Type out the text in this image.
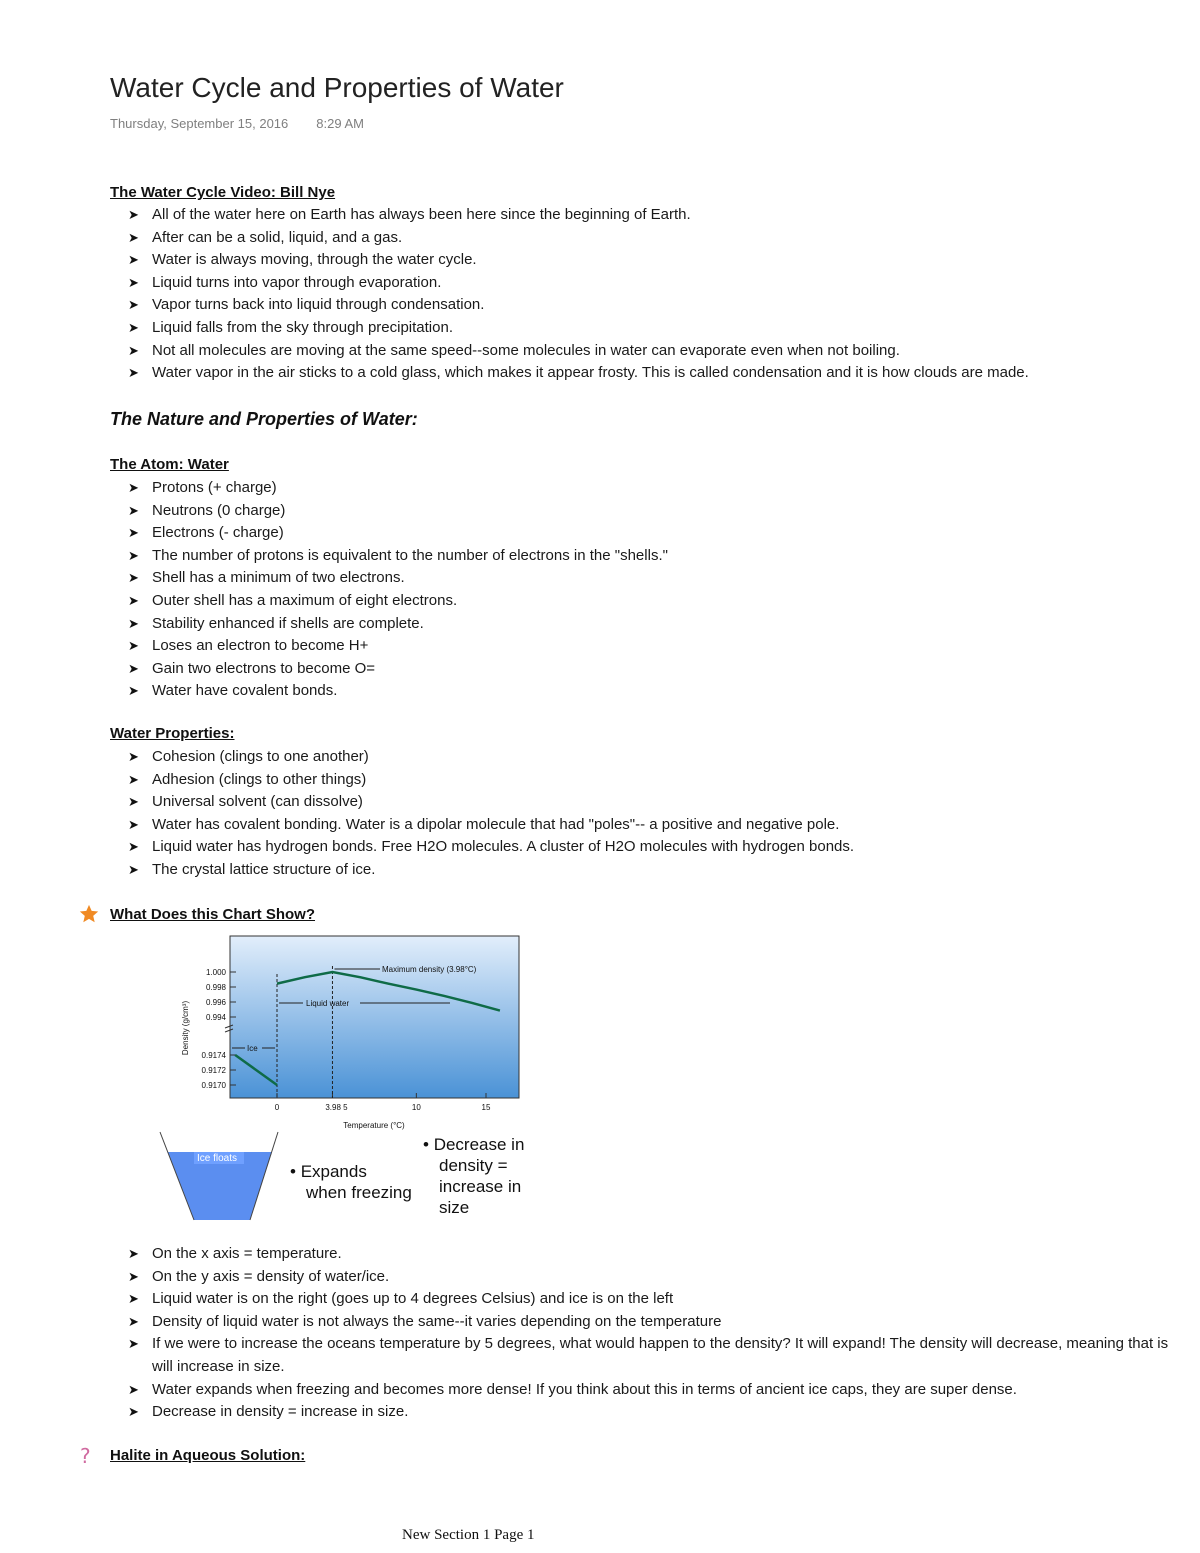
Water Cycle and Properties of Water
Thursday, September 15, 2016 8:29 AM
The Water Cycle Video: Bill Nye
➤ All of the water here on Earth has always been here since the beginning of Earth.
➤ After can be a solid, liquid, and a gas.
➤ Water is always moving, through the water cycle.
➤ Liquid turns into vapor through evaporation.
➤ Vapor turns back into liquid through condensation.
➤ Liquid falls from the sky through precipitation.
➤ Not all molecules are moving at the same speed--some molecules in water can evaporate even when not boiling.
➤ Water vapor in the air sticks to a cold glass, which makes it appear frosty. This is called condensation and it is how clouds are made.
The Nature and Properties of Water:
The Atom: Water
➤ Protons (+ charge)
➤ Neutrons (0 charge)
➤ Electrons (- charge)
➤ The number of protons is equivalent to the number of electrons in the "shells."
➤ Shell has a minimum of two electrons.
➤ Outer shell has a maximum of eight electrons.
➤ Stability enhanced if shells are complete.
➤ Loses an electron to become H+
➤ Gain two electrons to become O=
➤ Water have covalent bonds.
Water Properties:
➤ Cohesion (clings to one another)
➤ Adhesion (clings to other things)
➤ Universal solvent (can dissolve)
➤ Water has covalent bonding. Water is a dipolar molecule that had "poles"-- a positive and negative pole.
➤ Liquid water has hydrogen bonds. Free H2O molecules. A cluster of H2O molecules with hydrogen bonds.
➤ The crystal lattice structure of ice.
What Does this Chart Show?
1.000
0.998
0.996
0.994
0.9174
0.9172
0.9170
0	3.98 5	10	15
Temperature (°C)
Density (g/cm³)
Maximum density (3.98°C)
Liquid water
Ice
Ice floats
• Expands
when freezing
• Decrease in
density =
increase in
size
➤ On the x axis = temperature.
➤ On the y axis = density of water/ice.
➤ Liquid water is on the right (goes up to 4 degrees Celsius) and ice is on the left
➤ Density of liquid water is not always the same--it varies depending on the temperature
➤ If we were to increase the oceans temperature by 5 degrees, what would happen to the density? It will expand! The density will decrease, meaning that is will increase in size.
➤ Water expands when freezing and becomes more dense! If you think about this in terms of ancient ice caps, they are super dense.
➤ Decrease in density = increase in size.
? Halite in Aqueous Solution:
New Section 1 Page 1
